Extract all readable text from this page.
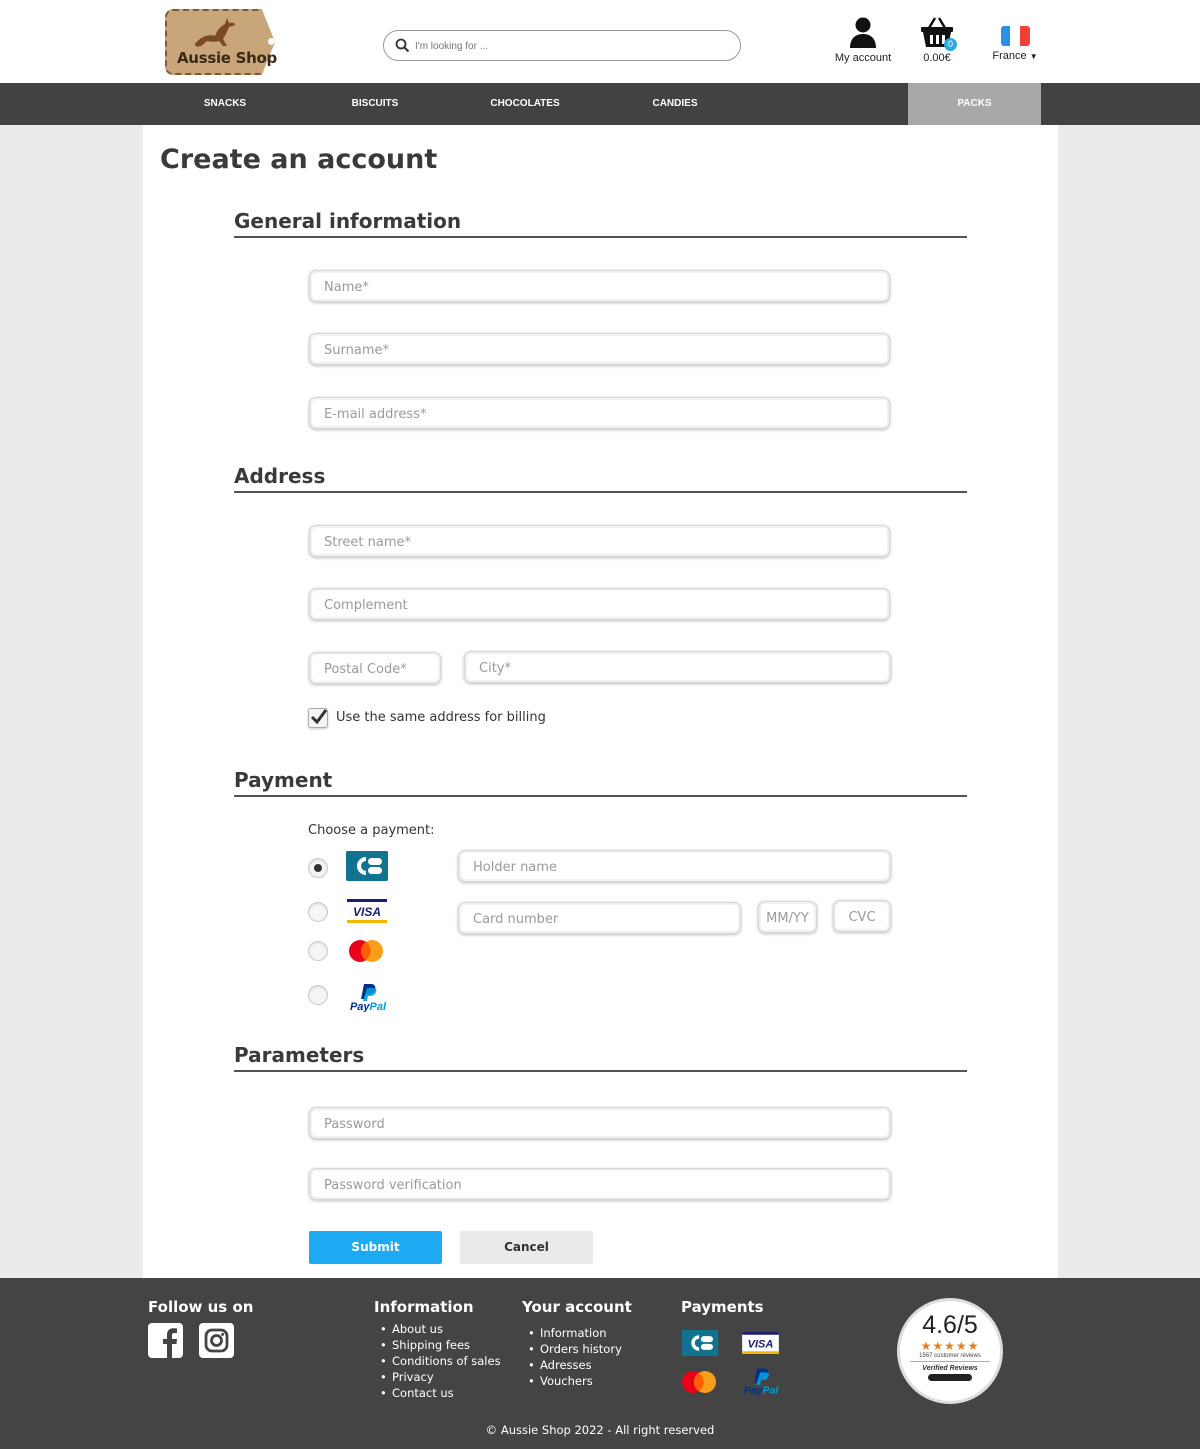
Aussie Shop
I'm looking for ...	My account
0
0.00€	France ▼
SNACKS	BISCUITS	CHOCOLATES	CANDIES	PACKS
Create an account
General information
Name*
Surname*
E-mail address*
Address
Street name*
Complement
Postal Code*
City*
Use the same address for billing
Payment
Choose a payment:
VISA
PayPal
Holder name
Card number
MM/YY
CVC
Parameters
Submit	Cancel
Follow us on	Information
• About us
• Shipping fees
• Conditions of sales
• Privacy
• Contact us
Your account
• Information
• Orders history
• Adresses
• Vouchers
Payments
VISA
PayPal
4.6/5
★★★★★
1567 customer reviews
Verified Reviews
© Aussie Shop 2022 - All right reserved
